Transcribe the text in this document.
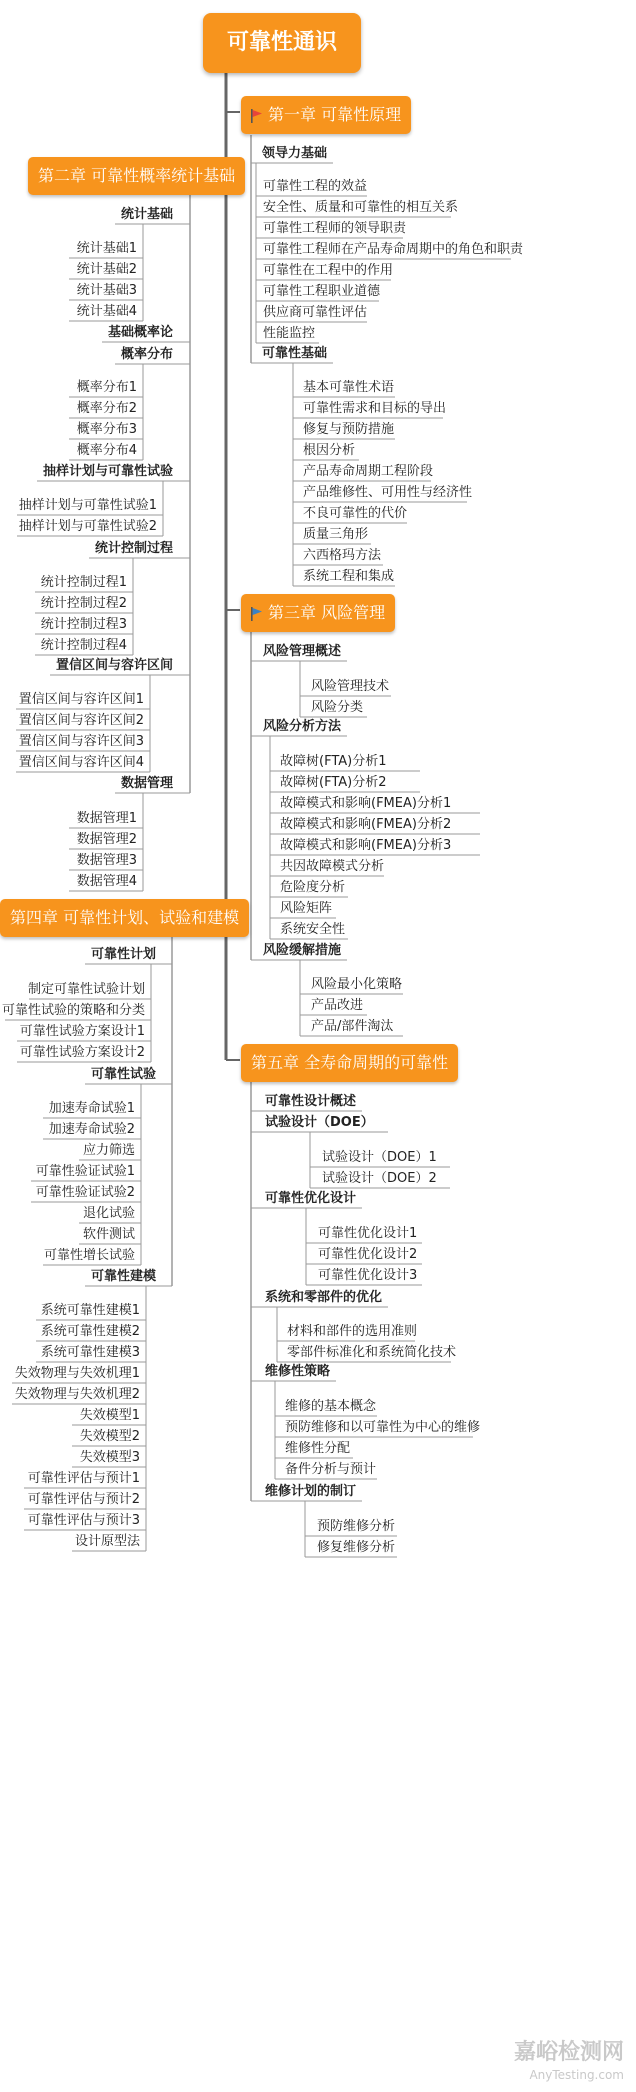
可靠性通识
嘉峪检测网
AnyTesting.com
第一章 可靠性原理
领导力基础
可靠性工程的效益
安全性、质量和可靠性的相互关系
可靠性工程师的领导职责
可靠性工程师在产品寿命周期中的角色和职责
可靠性在工程中的作用
可靠性工程职业道德
供应商可靠性评估
性能监控
可靠性基础
基本可靠性术语
可靠性需求和目标的导出
修复与预防措施
根因分析
产品寿命周期工程阶段
产品维修性、可用性与经济性
不良可靠性的代价
质量三角形
六西格玛方法
系统工程和集成
第二章 可靠性概率统计基础
统计基础
统计基础1
统计基础2
统计基础3
统计基础4
基础概率论
概率分布
概率分布1
概率分布2
概率分布3
概率分布4
抽样计划与可靠性试验
抽样计划与可靠性试验1
抽样计划与可靠性试验2
统计控制过程
统计控制过程1
统计控制过程2
统计控制过程3
统计控制过程4
置信区间与容许区间
置信区间与容许区间1
置信区间与容许区间2
置信区间与容许区间3
置信区间与容许区间4
数据管理
数据管理1
数据管理2
数据管理3
数据管理4
第三章 风险管理
风险管理概述
风险管理技术
风险分类
风险分析方法
故障树(FTA)分析1
故障树(FTA)分析2
故障模式和影响(FMEA)分析1
故障模式和影响(FMEA)分析2
故障模式和影响(FMEA)分析3
共因故障模式分析
危险度分析
风险矩阵
系统安全性
风险缓解措施
风险最小化策略
产品改进
产品/部件淘汰
第四章 可靠性计划、试验和建模
可靠性计划
制定可靠性试验计划
可靠性试验的策略和分类
可靠性试验方案设计1
可靠性试验方案设计2
可靠性试验
加速寿命试验1
加速寿命试验2
应力筛选
可靠性验证试验1
可靠性验证试验2
退化试验
软件测试
可靠性增长试验
可靠性建模
系统可靠性建模1
系统可靠性建模2
系统可靠性建模3
失效物理与失效机理1
失效物理与失效机理2
失效模型1
失效模型2
失效模型3
可靠性评估与预计1
可靠性评估与预计2
可靠性评估与预计3
设计原型法
第五章 全寿命周期的可靠性
可靠性设计概述
试验设计（DOE）
试验设计（DOE）1
试验设计（DOE）2
可靠性优化设计
可靠性优化设计1
可靠性优化设计2
可靠性优化设计3
系统和零部件的优化
材料和部件的选用准则
零部件标准化和系统简化技术
维修性策略
维修的基本概念
预防维修和以可靠性为中心的维修
维修性分配
备件分析与预计
维修计划的制订
预防维修分析
修复维修分析
